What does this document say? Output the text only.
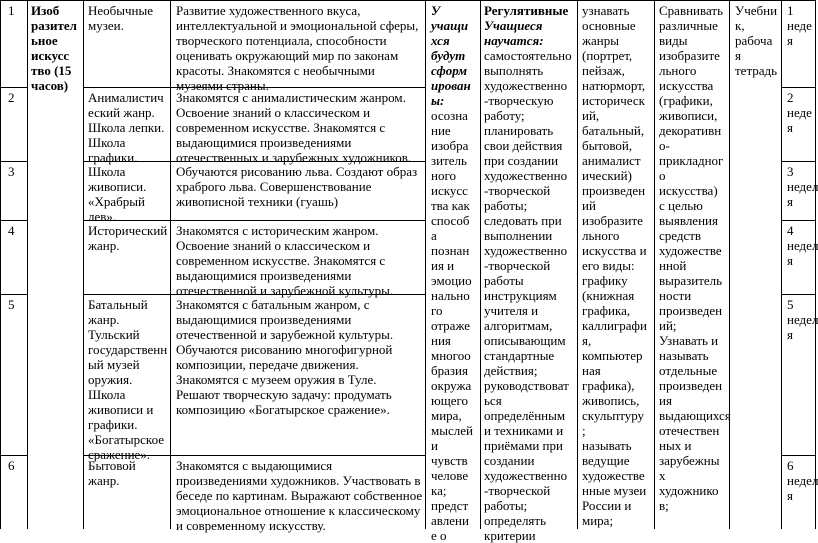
1
2
3
4
5
6
Изоб
разител
ьное
искусс
тво (15
часов)
Необычные
музеи.
Анималистич
еский жанр.
Школа лепки.
Школа
графики.
Школа
живописи.
«Храбрый
лев».
Исторический
жанр.
Батальный
жанр.
Тульский
государственн
ый музей
оружия.
Школа
живописи и
графики.
«Богатырское
сражение».
Бытовой
жанр.
Развитие художественного вкуса,
интеллектуальной и эмоциональной сферы,
творческого потенциала, способности
оценивать окружающий мир по законам
красоты. Знакомятся с необычными
музеями страны.
Знакомятся с анималистическим жанром.
Освоение знаний о классическом и
современном искусстве. Знакомятся с
выдающимися произведениями
отечественных и зарубежных художников.
Обучаются рисованию льва. Создают образ
храброго льва. Совершенствование
живописной техники (гуашь)
Знакомятся с историческим жанром.
Освоение знаний о классическом и
современном искусстве. Знакомятся с
выдающимися произведениями
отечественной и зарубежной культуры.
Знакомятся с батальным жанром, с
выдающимися произведениями
отечественной и зарубежной культуры.
Обучаются рисованию многофигурной
композиции, передаче движения.
Знакомятся с музеем оружия в Туле.
Решают творческую задачу: продумать
композицию «Богатырское сражение».
Знакомятся с выдающимися
произведениями художников. Участвовать в
беседе по картинам. Выражают собственное
эмоциональное отношение к классическому
и современному искусству.
У
учащи
хся
будут
сформ
ирован
ы:
осозна
ние
изобра
зитель
ного
искусс
тва как
способ
а
познан
ия и
эмоцио
нально
го
отраже
ния
многоо
бразия
окружа
ющего
мира,
мыслей
и
чувств
челове
ка;
предст
авлени
е о
Регулятивные
Учащиеся научатся:
самостоятельно
выполнять
художественно
-творческую
работу;
планировать
свои действия
при создании
художественно
-творческой
работы;
следовать при
выполнении
художественно
-творческой
работы
инструкциям
учителя и
алгоритмам,
описывающим
стандартные
действия;
руководствоват
ься
определённым
и техниками и
приёмами при
создании
художественно
-творческой
работы;
определять
критерии
узнавать
основные
жанры
(портрет,
пейзаж,
натюрморт,
историческ
ий,
батальный,
бытовой,
анималист
ический)
произведен
ий
изобразите
льного
искусства и
его виды:
графику
(книжная
графика,
каллиграфи
я,
компьютер
ная
графика),
живопись,
скульптуру
;
называть
ведущие
художестве
нные музеи
России и
мира;
Сравнивать
различные
виды
изобразите
льного
искусства
(графики,
живописи,
декоративн
о-
прикладног
о
искусства)
с целью
выявления
средств
художестве
нной
выразитель
ности
произведен
ий;
Узнавать и
называть
отдельные
произведен
ия
выдающихся
отечествен
ных и
зарубежны
х
художнико
в;
Учебни
к,
рабоча
я
тетрадь
1
неде
я
2
неде
я
3
недел
я
4
недел
я
5
недел
я
6
недел
я
